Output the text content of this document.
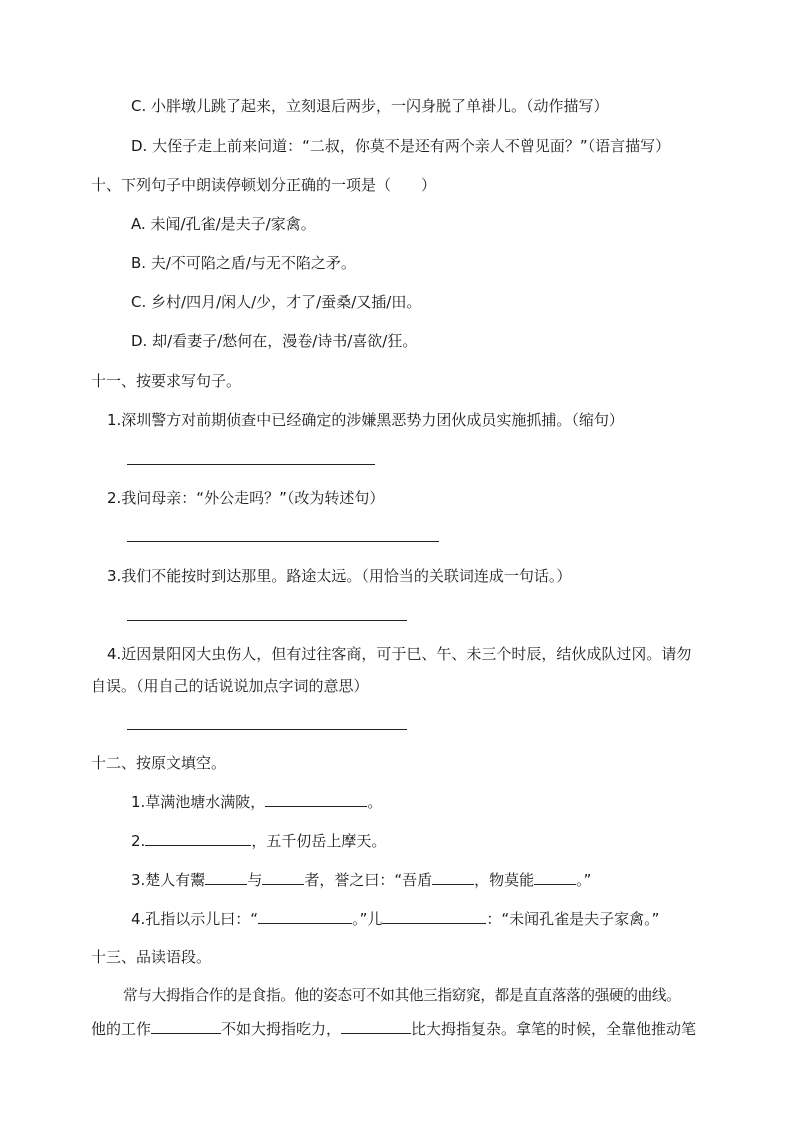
C. 小胖墩儿跳了起来，立刻退后两步，一闪身脱了单褂儿。（动作描写）
D. 大侄子走上前来问道：“二叔，你莫不是还有两个亲人不曾见面？”（语言描写）
十、下列句子中朗读停顿划分正确的一项是（　　）
A. 未闻/孔雀/是夫子/家禽。
B. 夫/不可陷之盾/与无不陷之矛。
C. 乡村/四月/闲人/少，才了/蚕桑/又插/田。
D. 却/看妻子/愁何在，漫卷/诗书/喜欲/狂。
十一、按要求写句子。
1.深圳警方对前期侦查中已经确定的涉嫌黑恶势力团伙成员实施抓捕。（缩句）
2.我问母亲：“外公走吗？”（改为转述句）
3.我们不能按时到达那里。路途太远。（用恰当的关联词连成一句话。）
4.近因景阳冈大虫伤人，但有过往客商，可于巳、午、未三个时辰，结伙成队过冈。请勿
自误。（用自己的话说说加点字词的意思）
十二、按原文填空。
1.草满池塘水满陂，	。
2.	，五千仞岳上摩天。
3.楚人有鬻	与	者，誉之曰：“吾盾	，物莫能	。”
4.孔指以示儿曰：“	。”儿	：“未闻孔雀是夫子家禽。”
十三、品读语段。
常与大拇指合作的是食指。他的姿态可不如其他三指窈窕，都是直直落落的强硬的曲线。
他的工作	不如大拇指吃力，	比大拇指复杂。拿笔的时候，全靠他推动笔
